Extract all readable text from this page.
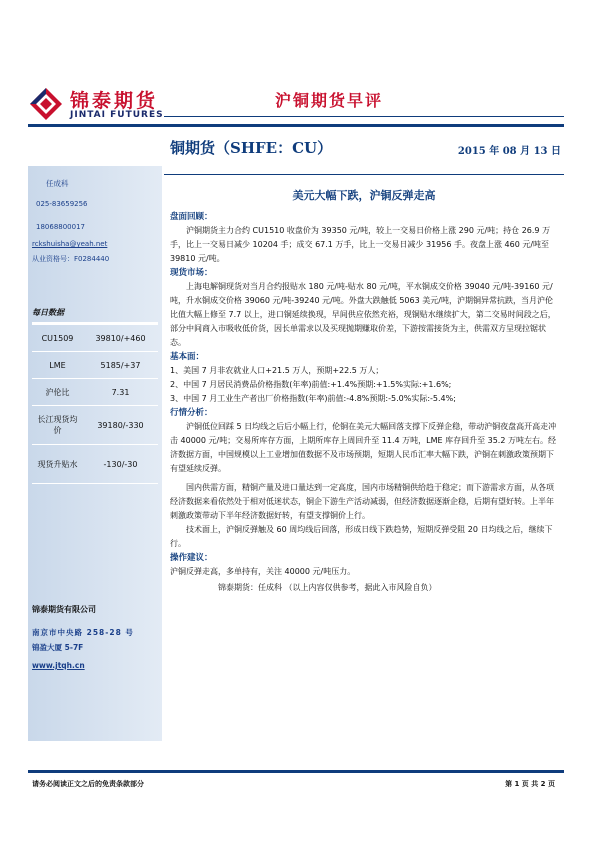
锦泰期货
JINTAI FUTURES
沪铜期货早评
铜期货（SHFE：CU）	2015 年 08 月 13 日
任成科
025-83659256
18068800017
rckshuisha@yeah.net
从业资格号：F0284440
每日数据
CU1509	39810/+460
LME	5185/+37
沪伦比	7.31
长江现货均价	39180/-330
现货升贴水	-130/-30
锦泰期货有限公司
南京市中央路 258-28 号
锦盈大厦 5-7F
www.jtqh.cn
美元大幅下跌，沪铜反弹走高
盘面回顾：

沪铜期货主力合约 CU1510 收盘价为 39350 元/吨，较上一交易日价格上涨 290 元/吨；持仓 26.9 万手，比上一交易日减少 10204 手；成交 67.1 万手，比上一交易日减少 31956 手。夜盘上涨 460 元/吨至 39810 元/吨。

现货市场：

上海电解铜现货对当月合约报贴水 180 元/吨-贴水 80 元/吨，平水铜成交价格 39040 元/吨-39160 元/吨，升水铜成交价格 39060 元/吨-39240 元/吨。外盘大跌触低 5063 美元/吨，沪期铜异常抗跌，当月沪伦比值大幅上修至 7.7 以上，进口铜延续换现，早间供应依然充裕，现铜贴水继续扩大，第二交易时间段之后，部分中间商入市吸收低价货，因长单需求以及买现抛期赚取价差，下游按需接货为主，供需双方呈现拉锯状态。

基本面：

1、美国 7 月非农就业人口+21.5 万人，预期+22.5 万人；

2、中国 7 月居民消费品价格指数(年率)前值:+1.4%预期:+1.5%实际:+1.6%;

3、中国 7 月工业生产者出厂价格指数(年率)前值:-4.8%预期:-5.0%实际:-5.4%;

行情分析：

沪铜低位回踩 5 日均线之后后小幅上行，伦铜在美元大幅回落支撑下反弹企稳，带动沪铜夜盘高开高走冲击 40000 元/吨；交易所库存方面，上期所库存上周回升至 11.4 万吨，LME 库存回升至 35.2 万吨左右。经济数据方面，中国规模以上工业增加值数据不及市场预期，短期人民币汇率大幅下跌，沪铜在刺激政策预期下有望延续反弹。

国内供需方面，精铜产量及进口量达到一定高度，国内市场精铜供给趋于稳定；而下游需求方面，从各项经济数据来看依然处于相对低迷状态，铜企下游生产活动减弱，但经济数据逐渐企稳，后期有望好转。上半年刺激政策带动下半年经济数据好转，有望支撑铜价上行。

技术面上，沪铜反弹触及 60 周均线后回落，形成日线下跌趋势，短期反弹受阻 20 日均线之后，继续下行。

操作建议：

沪铜反弹走高，多单持有，关注 40000 元/吨压力。

锦泰期货：任成科 （以上内容仅供参考，据此入市风险自负）

请务必阅读正文之后的免责条款部分	第 1 页 共 2 页
